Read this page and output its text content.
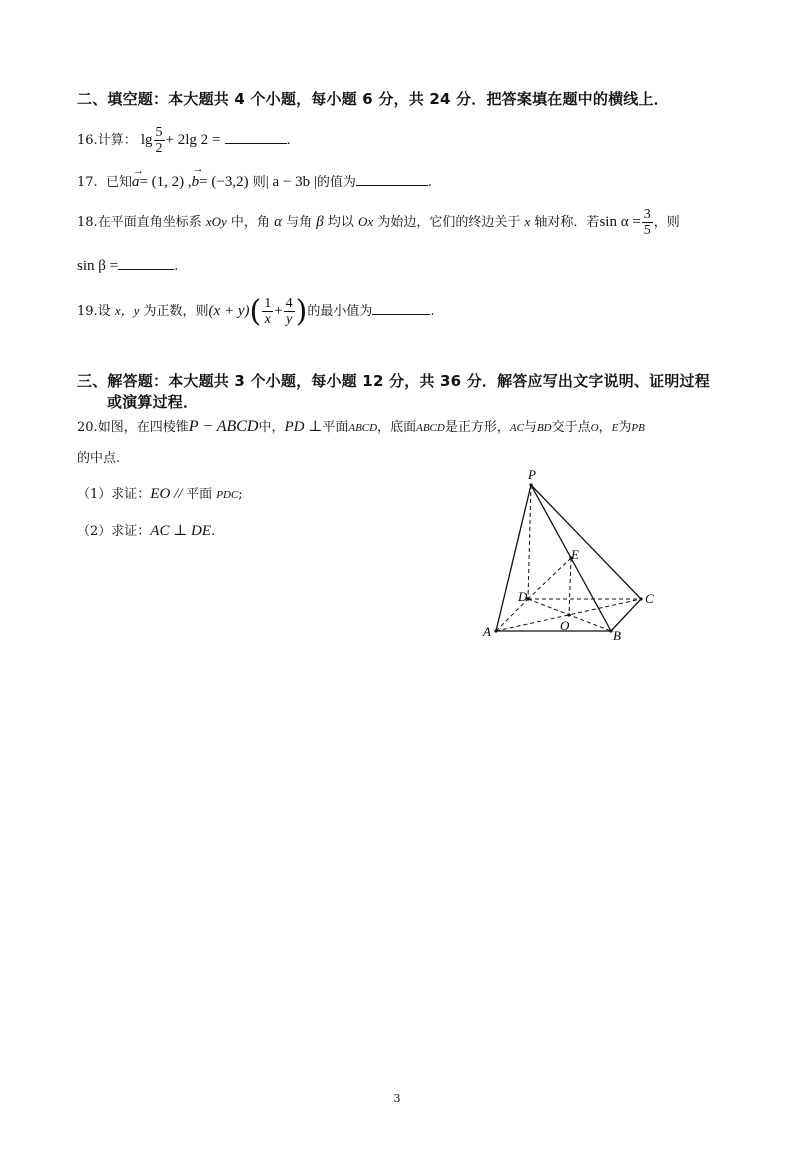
二、填空题：本大题共 4 个小题，每小题 6 分，共 24 分．把答案填在题中的横线上．
16.计算： $\lg \frac{5}{2} + 2\lg$ 2 =	.
17. 已知
→
a= (1, 2) ,
→
b= (−3,2) 则| a − 3b |的值为	.
18.在平面直角坐标系 xOy 中，角 α 与角 β 均以 Ox 为始边，它们的终边关于 x 轴对称．若$\sin \alpha = \frac{3}{5}$ ，则
sin β =	.
19.设 x，y 为正数，则$(x + y)( \frac{1}{x} + \frac{4}{y}$ )的最小值为	.
三、解答题：本大题共 3 个小题，每小题 12 分，共 36 分．解答应写出文字说明、证明过程
或演算过程．
20.如图，在四棱锥P − ABCD中，PD ⊥平面ABCD，底面ABCD是正方形，AC与BD交于点O，E为PB
的中点.
（1）求证：EO // 平面 PDC;
（2）求证：AC ⊥ DE.
P
E
D	C
O
A	B
3
